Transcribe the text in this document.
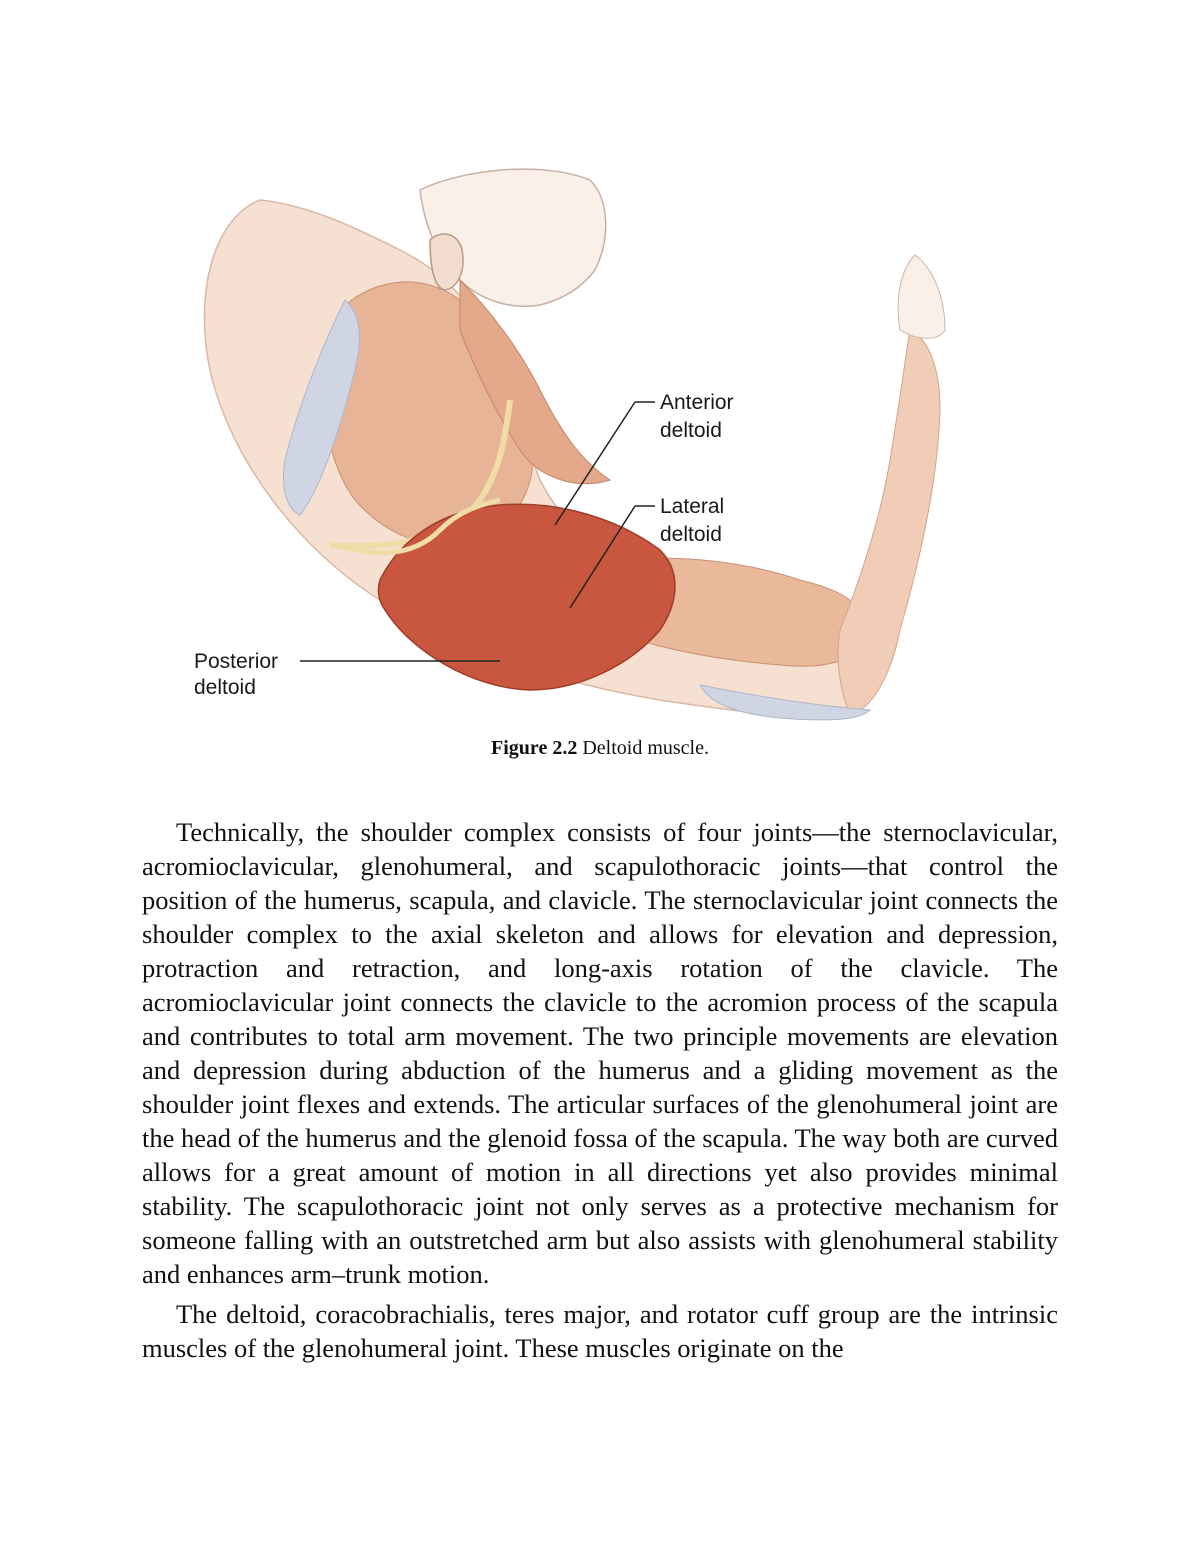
Anterior
deltoid
Lateral
deltoid
Posterior
deltoid
Figure 2.2 Deltoid muscle.

Technically, the shoulder complex consists of four joints—the sternoclavicular, acromioclavicular, glenohumeral, and scapulothoracic joints—that control the position of the humerus, scapula, and clavicle. The sternoclavicular joint connects the shoulder complex to the axial skeleton and allows for elevation and depression, protraction and retraction, and long-axis rotation of the clavicle. The acromioclavicular joint connects the clavicle to the acromion process of the scapula and contributes to total arm movement. The two principle movements are elevation and depression during abduction of the humerus and a gliding movement as the shoulder joint flexes and extends. The articular surfaces of the glenohumeral joint are the head of the humerus and the glenoid fossa of the scapula. The way both are curved allows for a great amount of motion in all directions yet also provides minimal stability. The scapulothoracic joint not only serves as a protective mechanism for someone falling with an outstretched arm but also assists with glenohumeral stability and enhances arm–trunk motion.

The deltoid, coracobrachialis, teres major, and rotator cuff group are the intrinsic muscles of the glenohumeral joint. These muscles originate on the
